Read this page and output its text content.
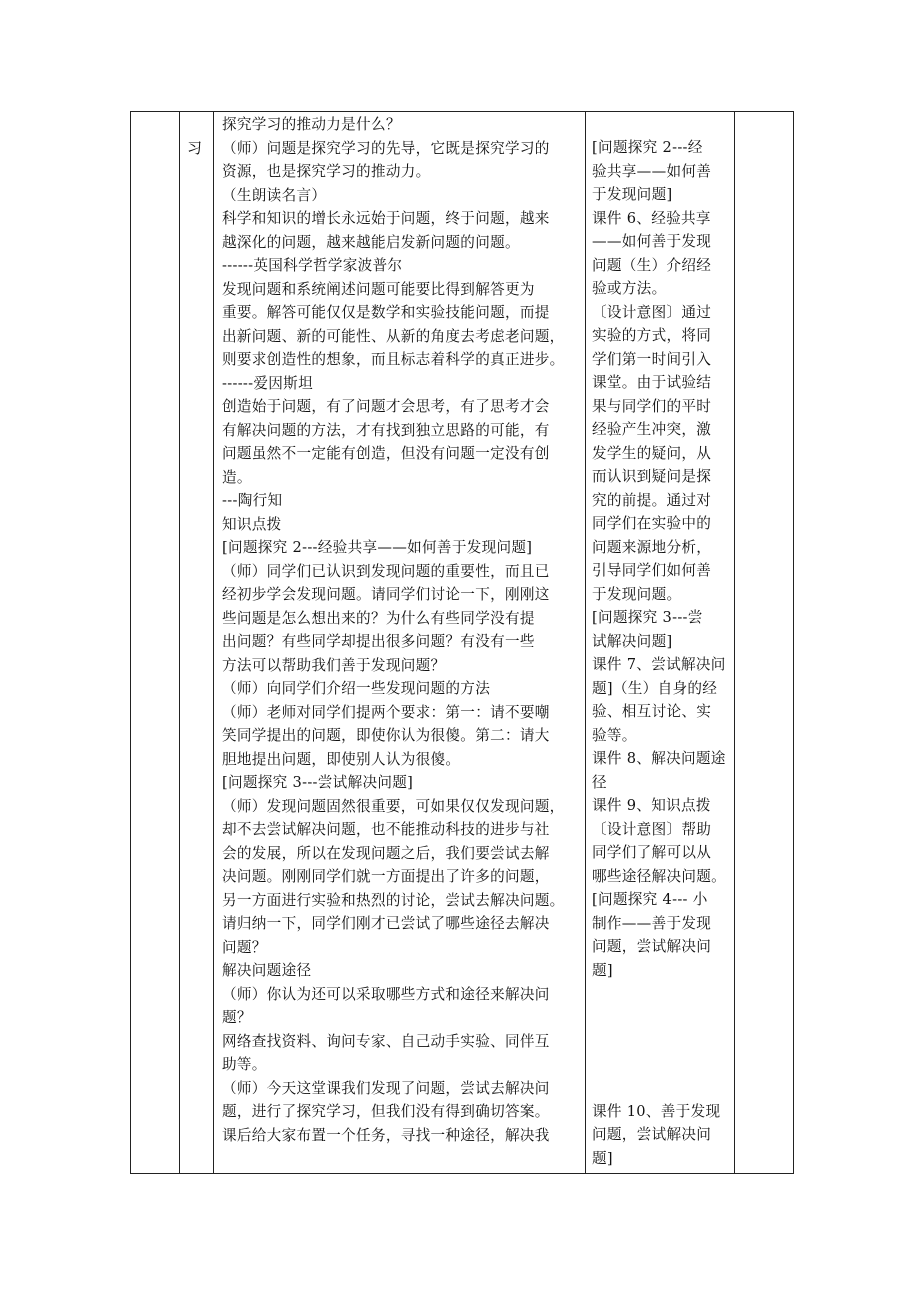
习
探究学习的推动力是什么？
（师）问题是探究学习的先导，它既是探究学习的
资源，也是探究学习的推动力。
（生朗读名言）
科学和知识的增长永远始于问题，终于问题，越来
越深化的问题，越来越能启发新问题的问题。
------英国科学哲学家波普尔
发现问题和系统阐述问题可能要比得到解答更为
重要。解答可能仅仅是数学和实验技能问题，而提
出新问题、新的可能性、从新的角度去考虑老问题，
则要求创造性的想象，而且标志着科学的真正进步。
------爱因斯坦
创造始于问题，有了问题才会思考，有了思考才会
有解决问题的方法，才有找到独立思路的可能，有
问题虽然不一定能有创造，但没有问题一定没有创
造。
---陶行知
知识点拨
[问题探究 2---经验共享——如何善于发现问题]
（师）同学们已认识到发现问题的重要性，而且已
经初步学会发现问题。请同学们讨论一下，刚刚这
些问题是怎么想出来的？为什么有些同学没有提
出问题？有些同学却提出很多问题？有没有一些
方法可以帮助我们善于发现问题？
（师）向同学们介绍一些发现问题的方法
（师）老师对同学们提两个要求：第一：请不要嘲
笑同学提出的问题，即使你认为很傻。第二：请大
胆地提出问题，即使别人认为很傻。
[问题探究 3---尝试解决问题]
（师）发现问题固然很重要，可如果仅仅发现问题，
却不去尝试解决问题，也不能推动科技的进步与社
会的发展，所以在发现问题之后，我们要尝试去解
决问题。刚刚同学们就一方面提出了许多的问题，
另一方面进行实验和热烈的讨论，尝试去解决问题。
请归纳一下，同学们刚才已尝试了哪些途径去解决
问题？
解决问题途径
（师）你认为还可以采取哪些方式和途径来解决问
题？
网络查找资料、询问专家、自己动手实验、同伴互
助等。
（师）今天这堂课我们发现了问题，尝试去解决问
题，进行了探究学习，但我们没有得到确切答案。
课后给大家布置一个任务，寻找一种途径，解决我
[问题探究 2---经
验共享——如何善
于发现问题]
课件 6、经验共享
——如何善于发现
问题（生）介绍经
验或方法。
〔设计意图〕通过
实验的方式，将同
学们第一时间引入
课堂。由于试验结
果与同学们的平时
经验产生冲突，激
发学生的疑问，从
而认识到疑问是探
究的前提。通过对
同学们在实验中的
问题来源地分析，
引导同学们如何善
于发现问题。
[问题探究 3---尝
试解决问题]
课件 7、尝试解决问
题]（生）自身的经
验、相互讨论、实
验等。
课件 8、解决问题途
径
课件 9、知识点拨
〔设计意图〕帮助
同学们了解可以从
哪些途径解决问题。
[问题探究 4--- 小
制作——善于发现
问题，尝试解决问
题]

课件 10、善于发现
问题，尝试解决问
题]
